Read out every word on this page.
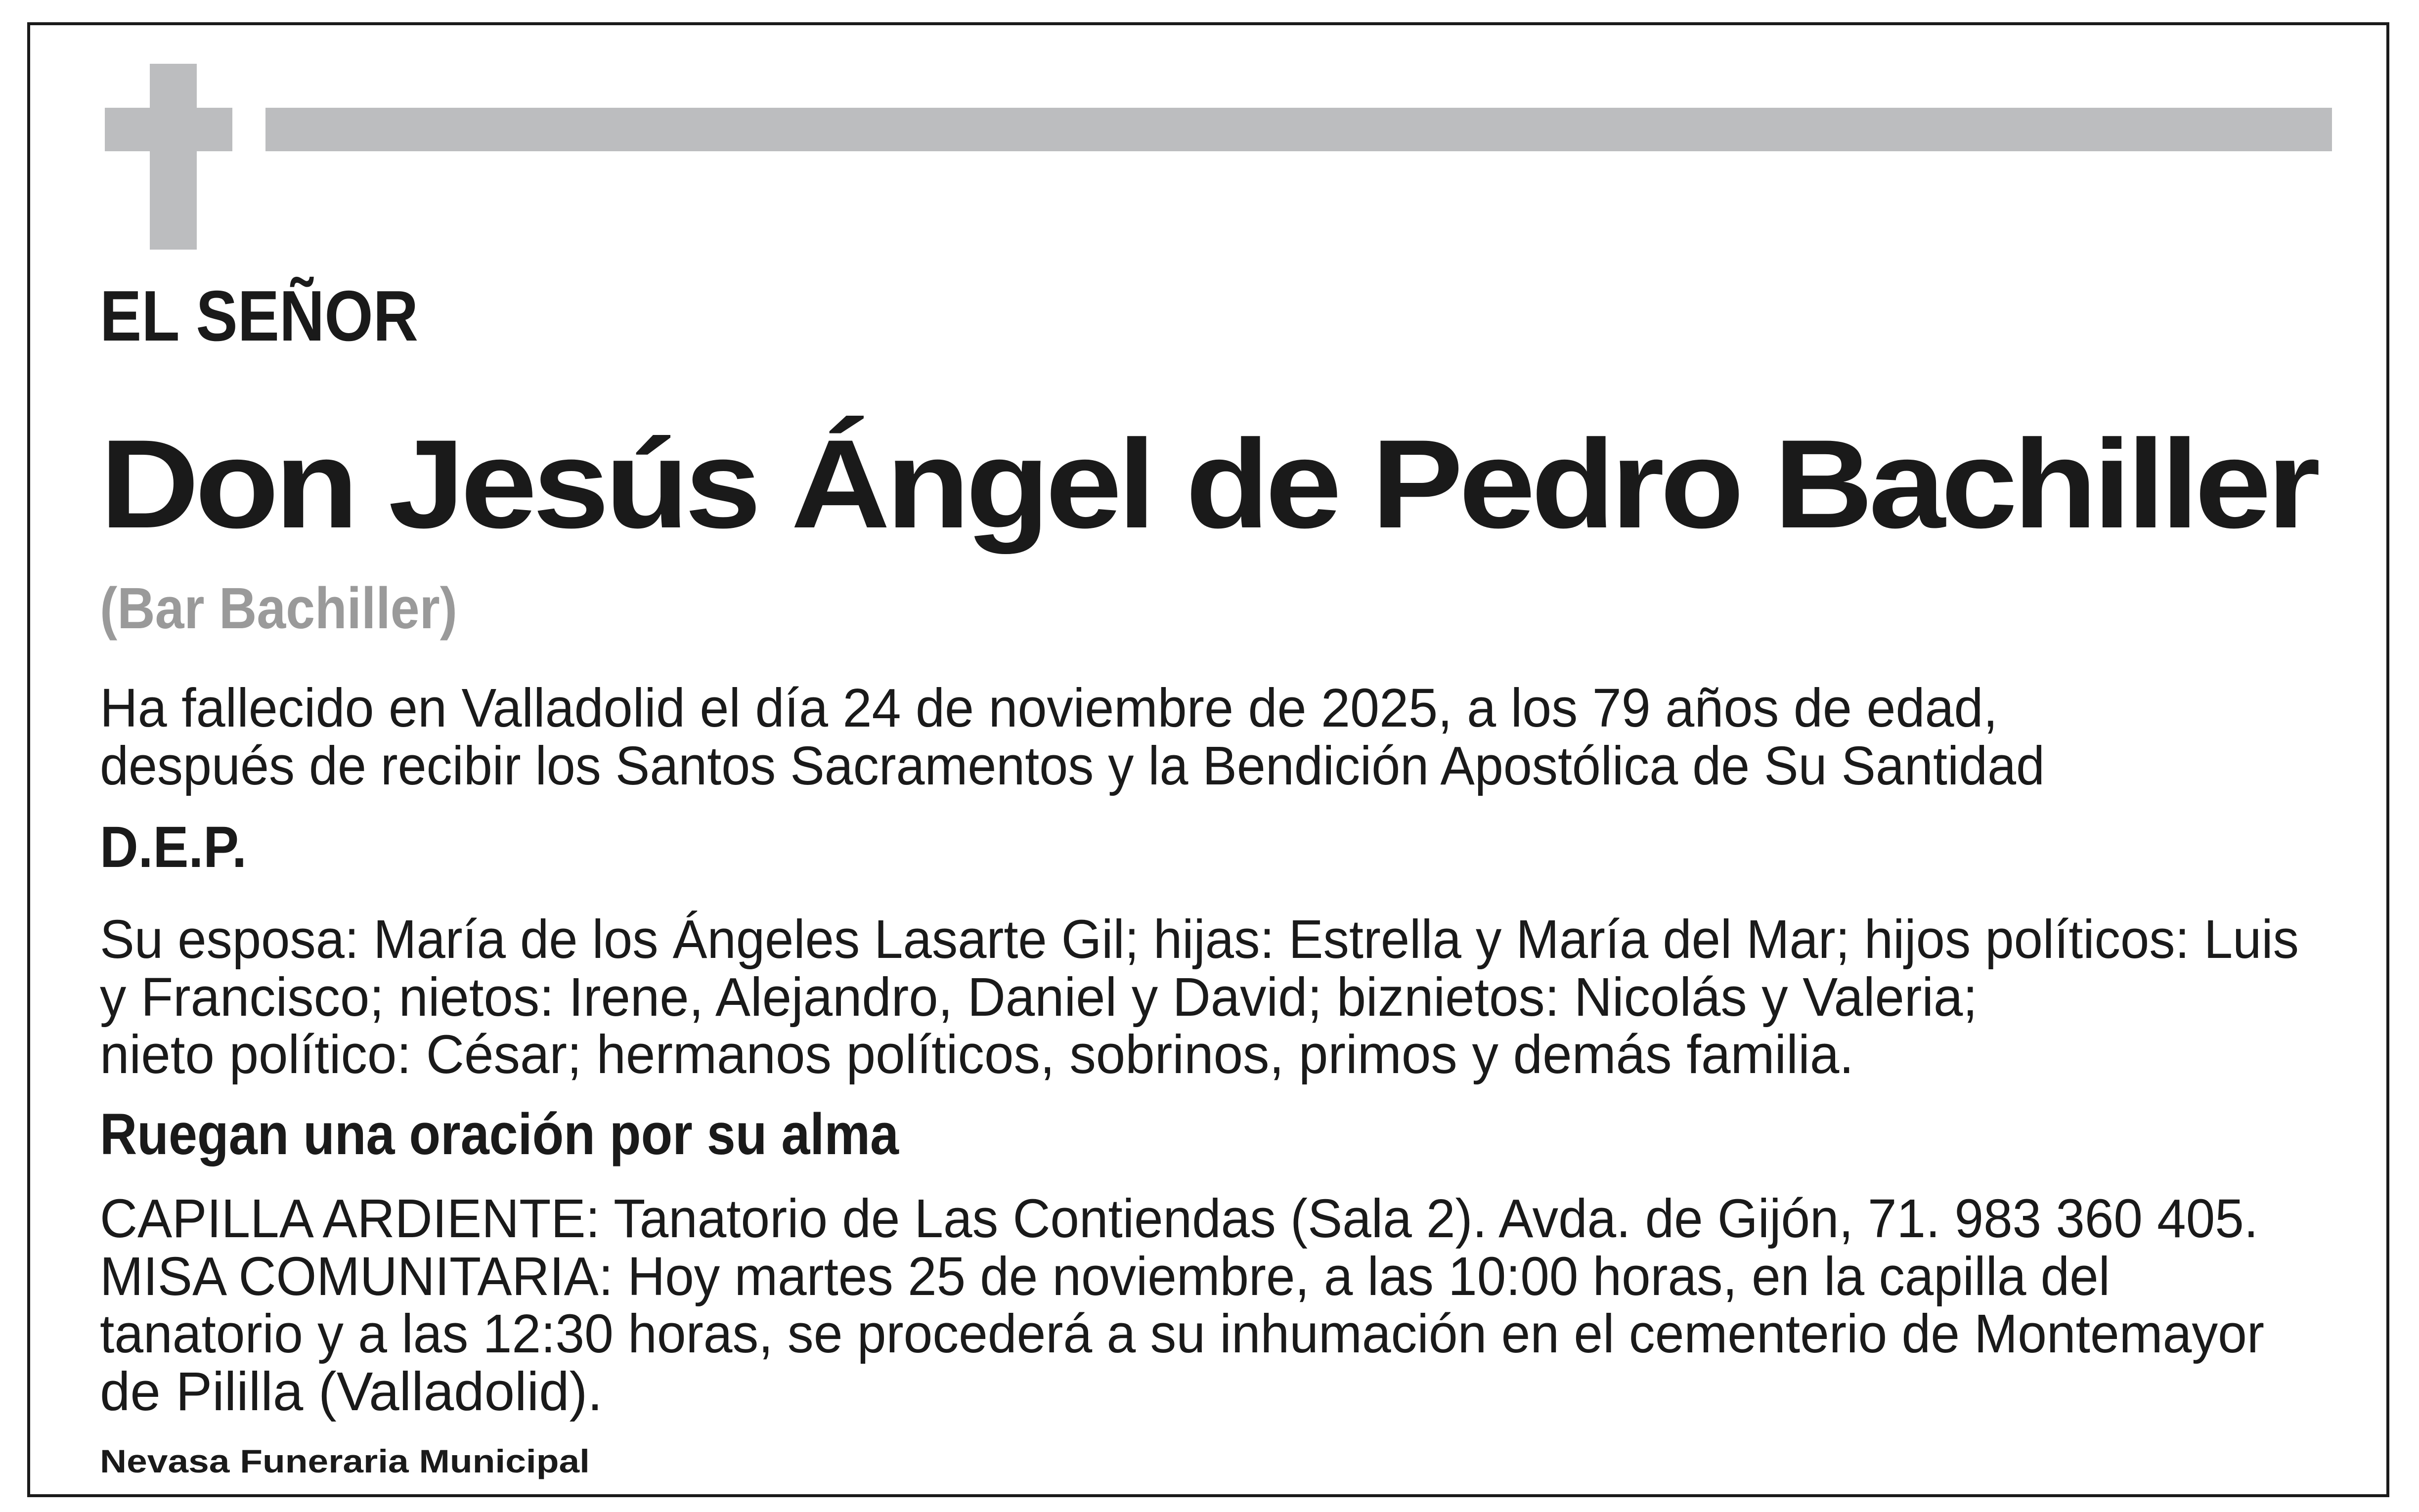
EL SEÑOR
Don Jesús Ángel de Pedro Bachiller
(Bar Bachiller)
Ha fallecido en Valladolid el día 24 de noviembre de 2025, a los 79 años de edad,
después de recibir los Santos Sacramentos y la Bendición Apostólica de Su Santidad
D.E.P.
Su esposa: María de los Ángeles Lasarte Gil; hijas: Estrella y María del Mar; hijos políticos: Luis
y Francisco; nietos: Irene, Alejandro, Daniel y David; biznietos: Nicolás y Valeria;
nieto político: César; hermanos políticos, sobrinos, primos y demás familia.
Ruegan una oración por su alma
CAPILLA ARDIENTE: Tanatorio de Las Contiendas (Sala 2). Avda. de Gijón, 71. 983 360 405.
MISA COMUNITARIA: Hoy martes 25 de noviembre, a las 10:00 horas, en la capilla del
tanatorio y a las 12:30 horas, se procederá a su inhumación en el cementerio de Montemayor
de Pililla (Valladolid).
Nevasa Funeraria Municipal
